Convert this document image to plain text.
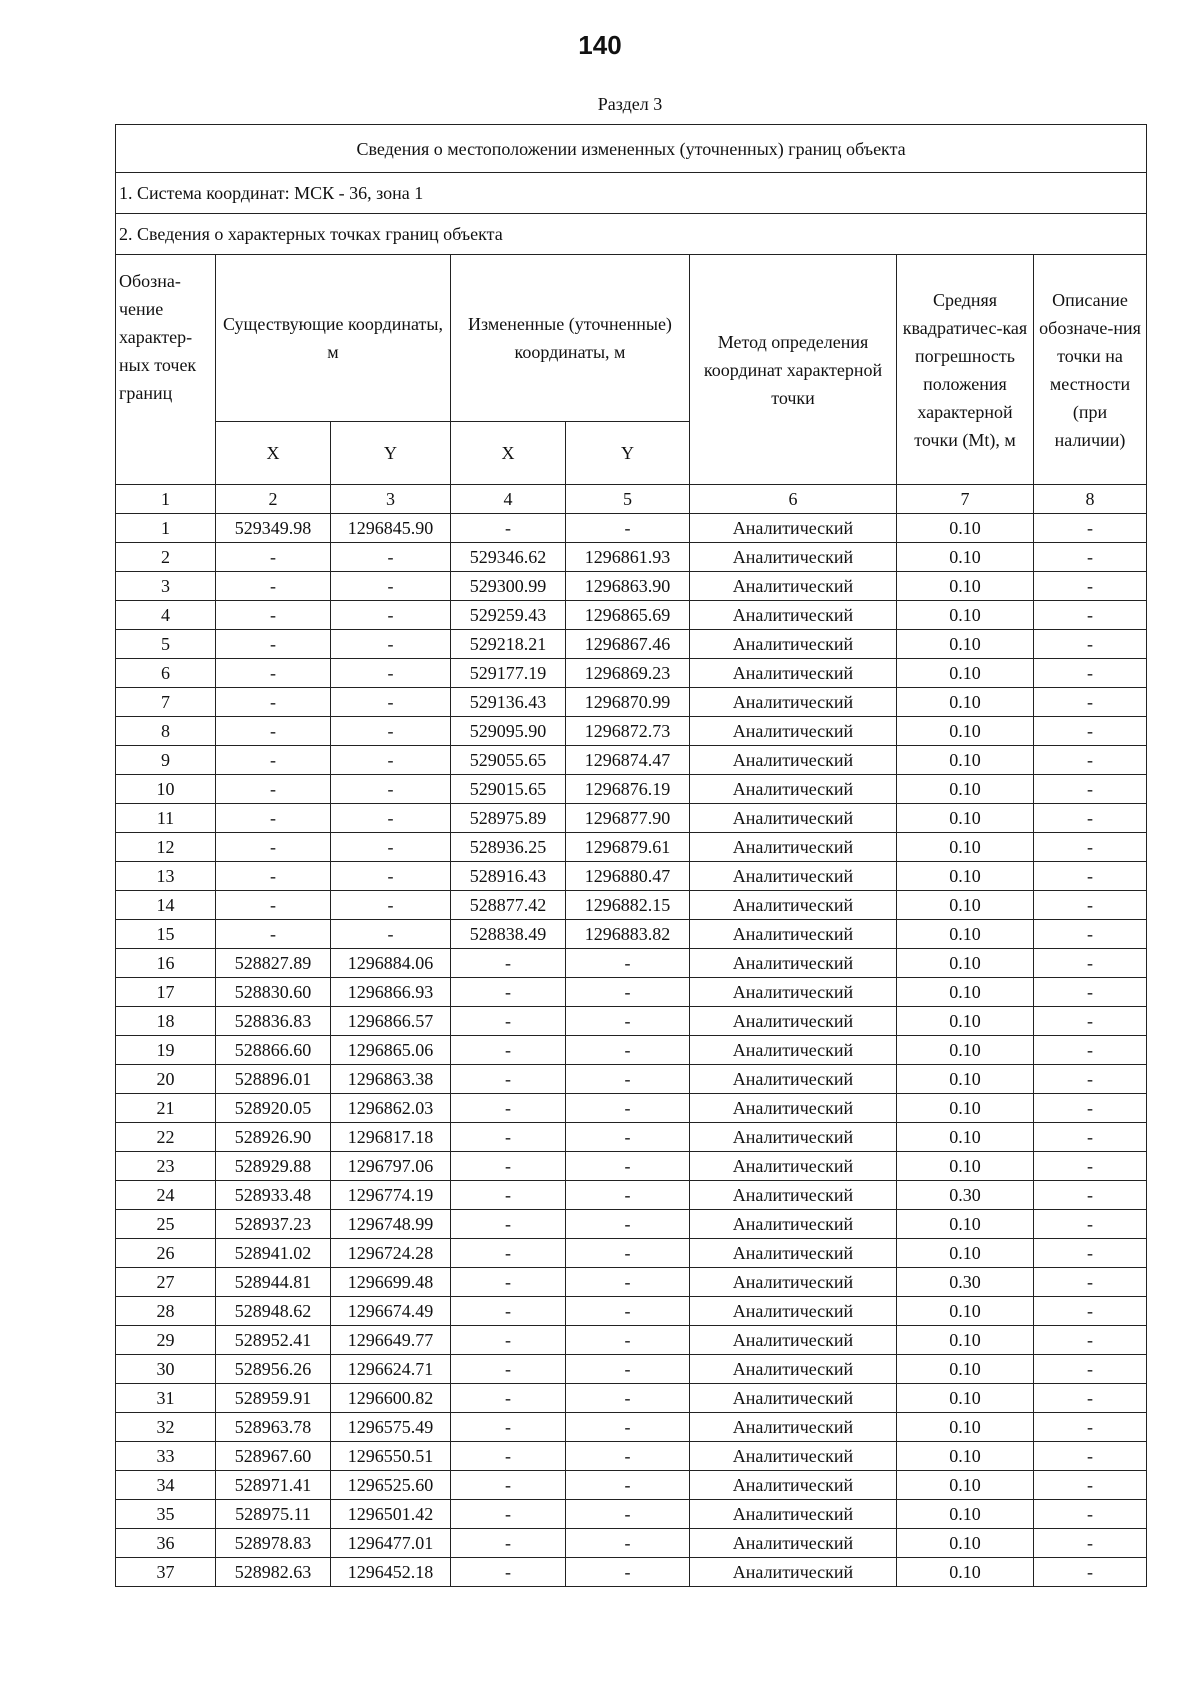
140
Раздел 3
Сведения о местоположении измененных (уточненных) границ объекта							
1. Система координат: МСК - 36, зона 1							
2. Сведения о характерных точках границ объекта							
Обозна-чение характер-ных точек границ	Существующие координаты, м		Измененные (уточненные) координаты, м		Метод определения координат характерной точки	Средняя квадратичес-кая погрешность положения характерной точки (Mt), м	Описание обозначе-ния точки на местности (при наличии)
	X	Y	X	Y			
1	2	3	4	5	6	7	8
1	529349.98	1296845.90	-	-	Аналитический	0.10	-
2	-	-	529346.62	1296861.93	Аналитический	0.10	-
3	-	-	529300.99	1296863.90	Аналитический	0.10	-
4	-	-	529259.43	1296865.69	Аналитический	0.10	-
5	-	-	529218.21	1296867.46	Аналитический	0.10	-
6	-	-	529177.19	1296869.23	Аналитический	0.10	-
7	-	-	529136.43	1296870.99	Аналитический	0.10	-
8	-	-	529095.90	1296872.73	Аналитический	0.10	-
9	-	-	529055.65	1296874.47	Аналитический	0.10	-
10	-	-	529015.65	1296876.19	Аналитический	0.10	-
11	-	-	528975.89	1296877.90	Аналитический	0.10	-
12	-	-	528936.25	1296879.61	Аналитический	0.10	-
13	-	-	528916.43	1296880.47	Аналитический	0.10	-
14	-	-	528877.42	1296882.15	Аналитический	0.10	-
15	-	-	528838.49	1296883.82	Аналитический	0.10	-
16	528827.89	1296884.06	-	-	Аналитический	0.10	-
17	528830.60	1296866.93	-	-	Аналитический	0.10	-
18	528836.83	1296866.57	-	-	Аналитический	0.10	-
19	528866.60	1296865.06	-	-	Аналитический	0.10	-
20	528896.01	1296863.38	-	-	Аналитический	0.10	-
21	528920.05	1296862.03	-	-	Аналитический	0.10	-
22	528926.90	1296817.18	-	-	Аналитический	0.10	-
23	528929.88	1296797.06	-	-	Аналитический	0.10	-
24	528933.48	1296774.19	-	-	Аналитический	0.30	-
25	528937.23	1296748.99	-	-	Аналитический	0.10	-
26	528941.02	1296724.28	-	-	Аналитический	0.10	-
27	528944.81	1296699.48	-	-	Аналитический	0.30	-
28	528948.62	1296674.49	-	-	Аналитический	0.10	-
29	528952.41	1296649.77	-	-	Аналитический	0.10	-
30	528956.26	1296624.71	-	-	Аналитический	0.10	-
31	528959.91	1296600.82	-	-	Аналитический	0.10	-
32	528963.78	1296575.49	-	-	Аналитический	0.10	-
33	528967.60	1296550.51	-	-	Аналитический	0.10	-
34	528971.41	1296525.60	-	-	Аналитический	0.10	-
35	528975.11	1296501.42	-	-	Аналитический	0.10	-
36	528978.83	1296477.01	-	-	Аналитический	0.10	-
37	528982.63	1296452.18	-	-	Аналитический	0.10	-
